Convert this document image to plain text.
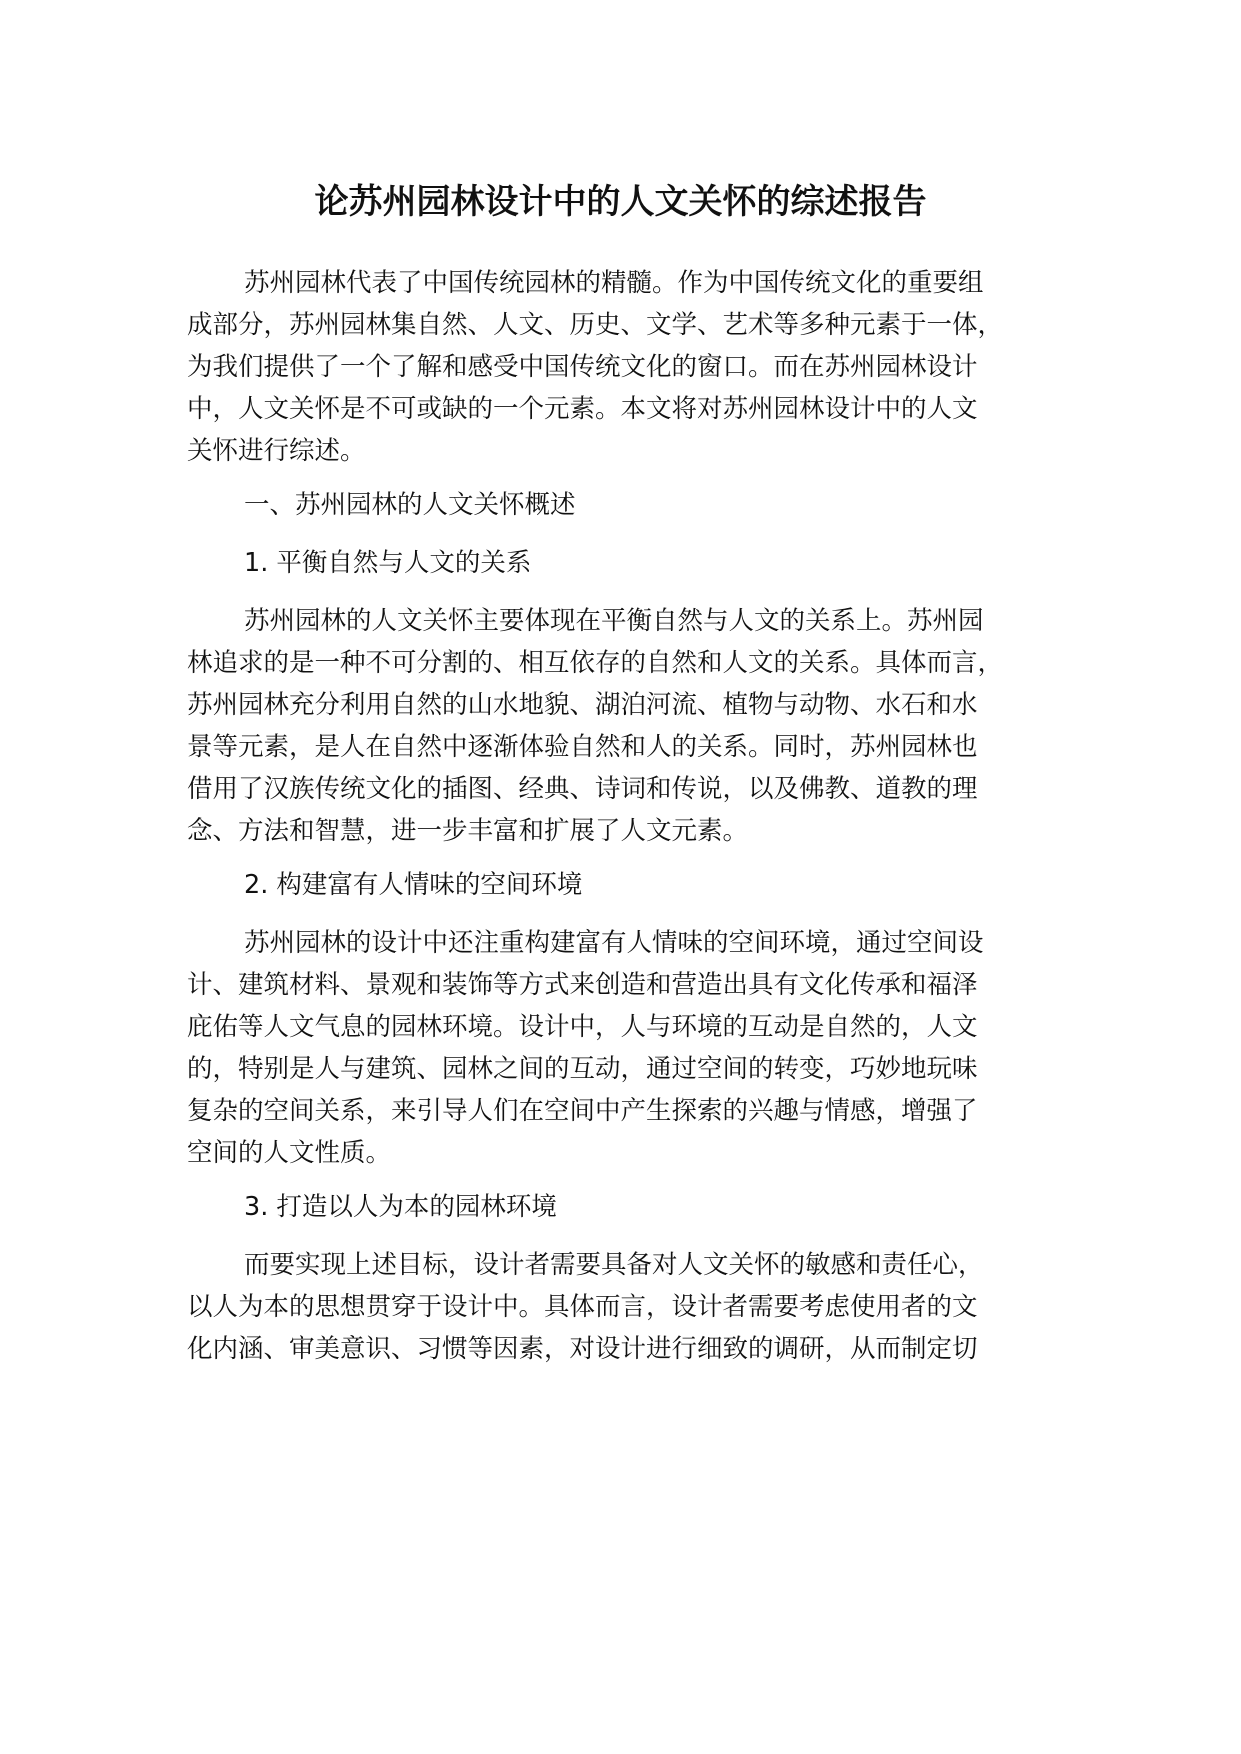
论苏州园林设计中的人文关怀的综述报告
苏州园林代表了中国传统园林的精髓。作为中国传统文化的重要组
成部分，苏州园林集自然、人文、历史、文学、艺术等多种元素于一体，
为我们提供了一个了解和感受中国传统文化的窗口。而在苏州园林设计
中，人文关怀是不可或缺的一个元素。本文将对苏州园林设计中的人文
关怀进行综述。

一、苏州园林的人文关怀概述

1. 平衡自然与人文的关系

苏州园林的人文关怀主要体现在平衡自然与人文的关系上。苏州园
林追求的是一种不可分割的、相互依存的自然和人文的关系。具体而言，
苏州园林充分利用自然的山水地貌、湖泊河流、植物与动物、水石和水
景等元素，是人在自然中逐渐体验自然和人的关系。同时，苏州园林也
借用了汉族传统文化的插图、经典、诗词和传说，以及佛教、道教的理
念、方法和智慧，进一步丰富和扩展了人文元素。

2. 构建富有人情味的空间环境

苏州园林的设计中还注重构建富有人情味的空间环境，通过空间设
计、建筑材料、景观和装饰等方式来创造和营造出具有文化传承和福泽
庇佑等人文气息的园林环境。设计中，人与环境的互动是自然的，人文
的，特别是人与建筑、园林之间的互动，通过空间的转变，巧妙地玩味
复杂的空间关系，来引导人们在空间中产生探索的兴趣与情感，增强了
空间的人文性质。

3. 打造以人为本的园林环境

而要实现上述目标，设计者需要具备对人文关怀的敏感和责任心，
以人为本的思想贯穿于设计中。具体而言，设计者需要考虑使用者的文
化内涵、审美意识、习惯等因素，对设计进行细致的调研，从而制定切
